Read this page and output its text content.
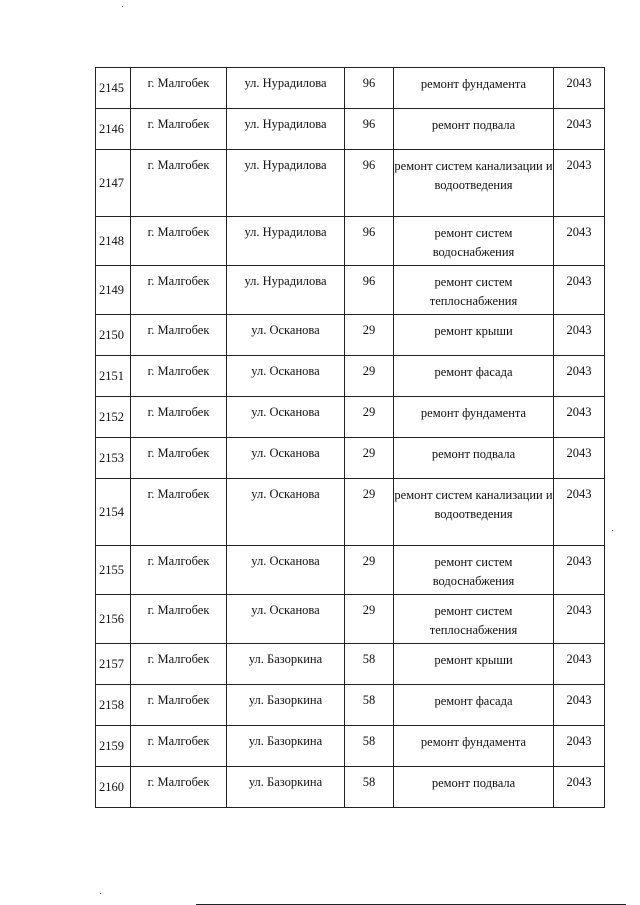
2145	г. Малгобек	ул. Нурадилова	96	ремонт фундамента	2043

2146	г. Малгобек	ул. Нурадилова	96	ремонт подвала	2043

2147	г. Малгобек	ул. Нурадилова	96	ремонт систем канализации и водоотведения	2043

2148	г. Малгобек	ул. Нурадилова	96	ремонт систем водоснабжения	2043

2149	г. Малгобек	ул. Нурадилова	96	ремонт систем теплоснабжения	2043

2150	г. Малгобек	ул. Осканова	29	ремонт крыши	2043

2151	г. Малгобек	ул. Осканова	29	ремонт фасада	2043

2152	г. Малгобек	ул. Осканова	29	ремонт фундамента	2043

2153	г. Малгобек	ул. Осканова	29	ремонт подвала	2043

2154	г. Малгобек	ул. Осканова	29	ремонт систем канализации и водоотведения	2043

2155	г. Малгобек	ул. Осканова	29	ремонт систем водоснабжения	2043

2156	г. Малгобек	ул. Осканова	29	ремонт систем теплоснабжения	2043

2157	г. Малгобек	ул. Базоркина	58	ремонт крыши	2043

2158	г. Малгобек	ул. Базоркина	58	ремонт фасада	2043

2159	г. Малгобек	ул. Базоркина	58	ремонт фундамента	2043

2160	г. Малгобек	ул. Базоркина	58	ремонт подвала	2043
